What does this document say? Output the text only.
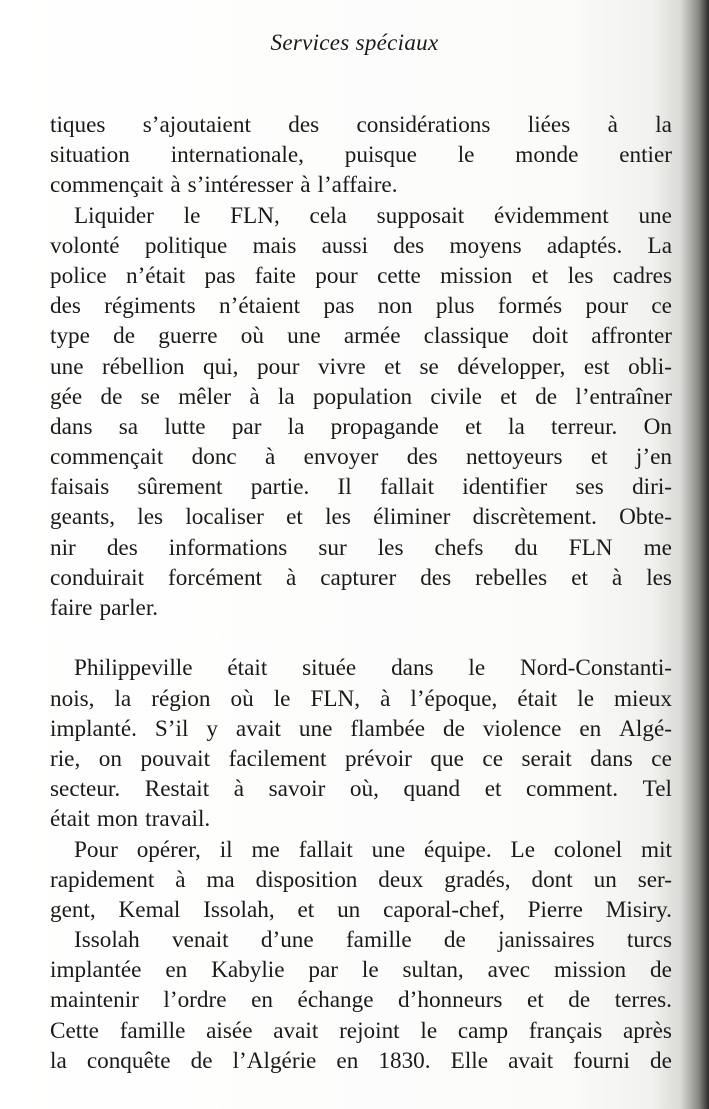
Services spéciaux
tiques s’ajoutaient des considérations liées à la
situation internationale, puisque le monde entier
commençait à s’intéresser à l’affaire.
Liquider le FLN, cela supposait évidemment une
volonté politique mais aussi des moyens adaptés. La
police n’était pas faite pour cette mission et les cadres
des régiments n’étaient pas non plus formés pour ce
type de guerre où une armée classique doit affronter
une rébellion qui, pour vivre et se développer, est obli-
gée de se mêler à la population civile et de l’entraîner
dans sa lutte par la propagande et la terreur. On
commençait donc à envoyer des nettoyeurs et j’en
faisais sûrement partie. Il fallait identifier ses diri-
geants, les localiser et les éliminer discrètement. Obte-
nir des informations sur les chefs du FLN me
conduirait forcément à capturer des rebelles et à les
faire parler.
Philippeville était située dans le Nord-Constanti-
nois, la région où le FLN, à l’époque, était le mieux
implanté. S’il y avait une flambée de violence en Algé-
rie, on pouvait facilement prévoir que ce serait dans ce
secteur. Restait à savoir où, quand et comment. Tel
était mon travail.
Pour opérer, il me fallait une équipe. Le colonel mit
rapidement à ma disposition deux gradés, dont un ser-
gent, Kemal Issolah, et un caporal-chef, Pierre Misiry.
Issolah venait d’une famille de janissaires turcs
implantée en Kabylie par le sultan, avec mission de
maintenir l’ordre en échange d’honneurs et de terres.
Cette famille aisée avait rejoint le camp français après
la conquête de l’Algérie en 1830. Elle avait fourni de
